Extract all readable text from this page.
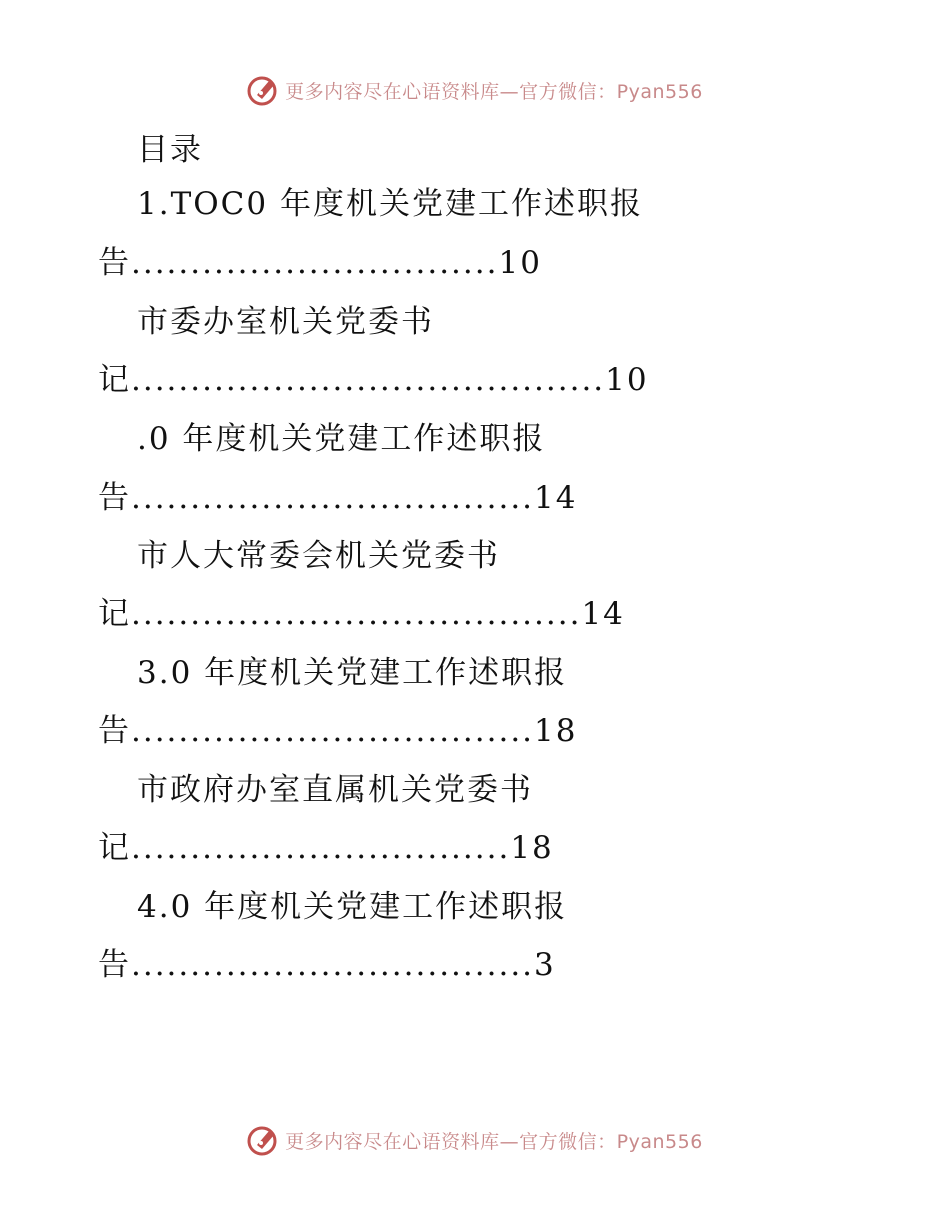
更多内容尽在心语资料库—官方微信：Pyan556
目录
1.TOC0 年度机关党建工作述职报
告...............................10
市委办室机关党委书
记........................................10
.0 年度机关党建工作述职报
告..................................14
市人大常委会机关党委书
记......................................14
3.0 年度机关党建工作述职报
告..................................18
市政府办室直属机关党委书
记................................18
4.0 年度机关党建工作述职报
告..................................3
更多内容尽在心语资料库—官方微信：Pyan556
